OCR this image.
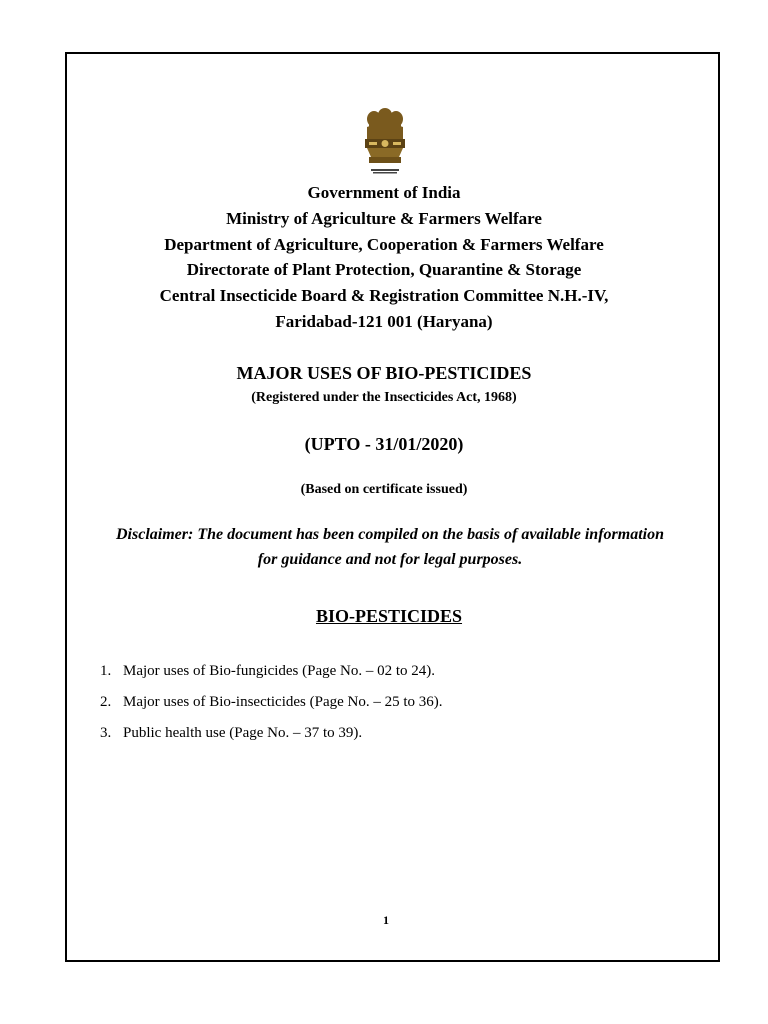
Government of India
Ministry of Agriculture & Farmers Welfare
Department of Agriculture, Cooperation & Farmers Welfare
Directorate of Plant Protection, Quarantine & Storage
Central Insecticide Board & Registration Committee N.H.-IV,
Faridabad-121 001 (Haryana)
MAJOR USES OF BIO-PESTICIDES
(Registered under the Insecticides Act, 1968)
(UPTO - 31/01/2020)
(Based on certificate issued)
Disclaimer: The document has been compiled on the basis of available information
for guidance and not for legal purposes.
BIO-PESTICIDES
1. Major uses of Bio-fungicides (Page No. – 02 to 24).
2. Major uses of Bio-insecticides (Page No. – 25 to 36).
3. Public health use (Page No. – 37 to 39).
1
